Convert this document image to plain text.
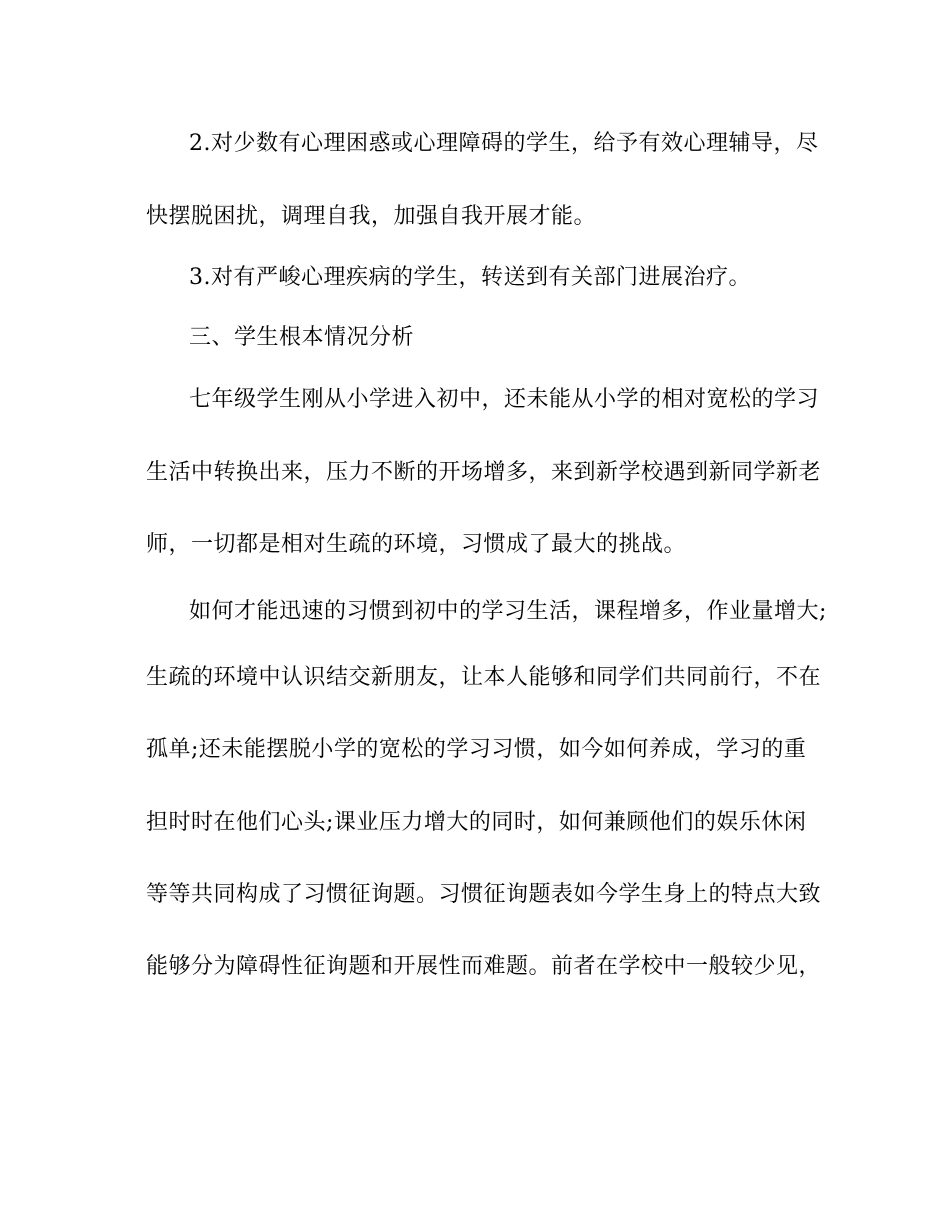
2.对少数有心理困惑或心理障碍的学生，给予有效心理辅导，尽
快摆脱困扰，调理自我，加强自我开展才能。
3.对有严峻心理疾病的学生，转送到有关部门进展治疗。
三、学生根本情况分析
七年级学生刚从小学进入初中，还未能从小学的相对宽松的学习
生活中转换出来，压力不断的开场增多，来到新学校遇到新同学新老
师，一切都是相对生疏的环境，习惯成了最大的挑战。
如何才能迅速的习惯到初中的学习生活，课程增多，作业量增大;
生疏的环境中认识结交新朋友，让本人能够和同学们共同前行，不在
孤单;还未能摆脱小学的宽松的学习习惯，如今如何养成，学习的重
担时时在他们心头;课业压力增大的同时，如何兼顾他们的娱乐休闲
等等共同构成了习惯征询题。习惯征询题表如今学生身上的特点大致
能够分为障碍性征询题和开展性而难题。前者在学校中一般较少见，
